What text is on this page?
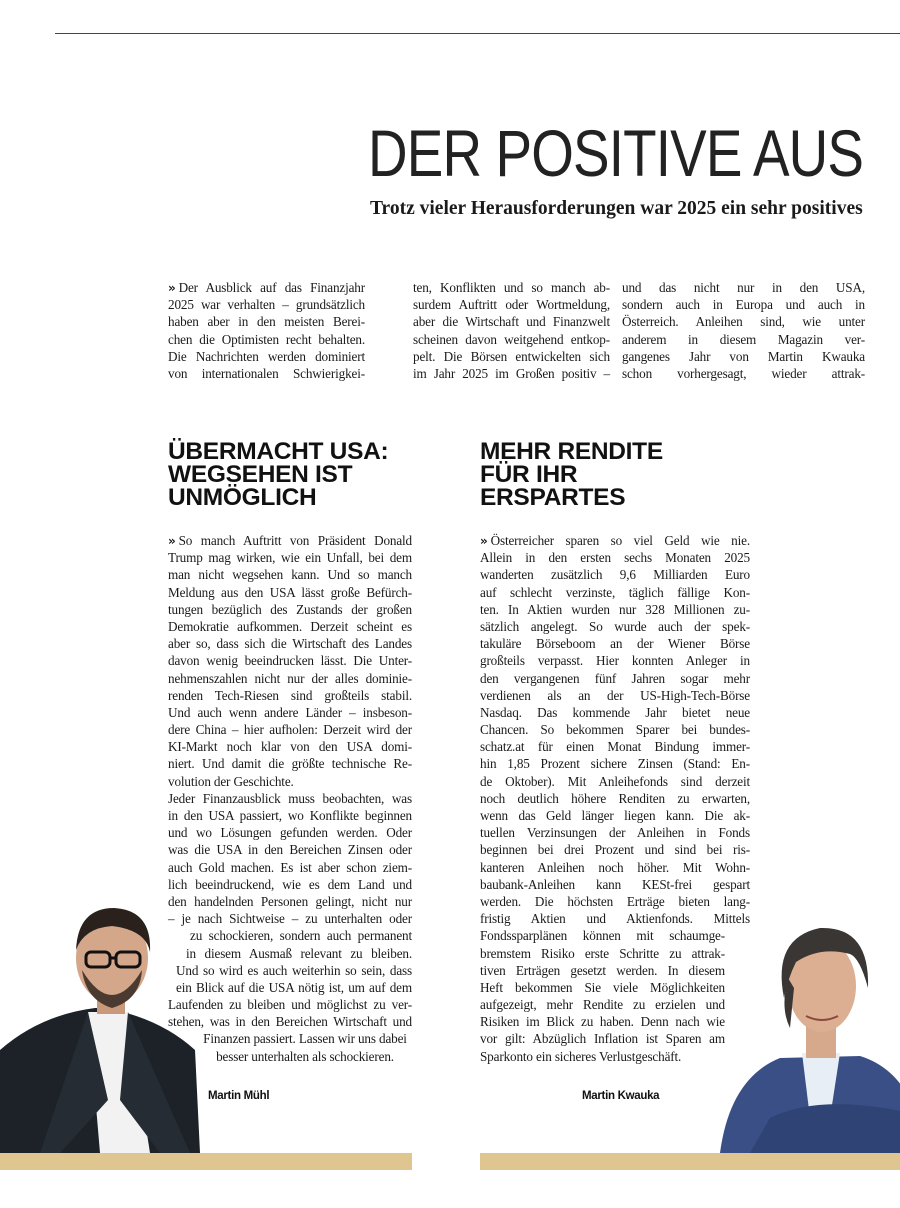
DER POSITIVE AUS
Trotz vieler Herausforderungen war 2025 ein sehr positives
» Der Ausblick auf das Finanzjahr
2025 war verhalten – grundsätzlich
haben aber in den meisten Berei-
chen die Optimisten recht behalten.
Die Nachrichten werden dominiert
von internationalen Schwierigkei-
ten, Konflikten und so manch ab-
surdem Auftritt oder Wortmeldung,
aber die Wirtschaft und Finanzwelt
scheinen davon weitgehend entkop-
pelt. Die Börsen entwickelten sich
im Jahr 2025 im Großen positiv –
und das nicht nur in den USA,
sondern auch in Europa und auch in
Österreich. Anleihen sind, wie unter
anderem in diesem Magazin ver-
gangenes Jahr von Martin Kwauka
schon vorhergesagt, wieder attrak-
ÜBERMACHT USA:
WEGSEHEN IST
UNMÖGLICH
MEHR RENDITE
FÜR IHR
ERSPARTES
» So manch Auftritt von Präsident Donald
Trump mag wirken, wie ein Unfall, bei dem
man nicht wegsehen kann. Und so manch
Meldung aus den USA lässt große Befürch-
tungen bezüglich des Zustands der großen
Demokratie aufkommen. Derzeit scheint es
aber so, dass sich die Wirtschaft des Landes
davon wenig beeindrucken lässt. Die Unter-
nehmenszahlen nicht nur der alles dominie-
renden Tech-Riesen sind großteils stabil.
Und auch wenn andere Länder – insbeson-
dere China – hier aufholen: Derzeit wird der
KI-Markt noch klar von den USA domi-
niert. Und damit die größte technische Re-
volution der Geschichte.
Jeder Finanzausblick muss beobachten, was
in den USA passiert, wo Konflikte beginnen
und wo Lösungen gefunden werden. Oder
was die USA in den Bereichen Zinsen oder
auch Gold machen. Es ist aber schon ziem-
lich beeindruckend, wie es dem Land und
den handelnden Personen gelingt, nicht nur
– je nach Sichtweise – zu unterhalten oder
zu schockieren, sondern auch permanent
in diesem Ausmaß relevant zu bleiben.
Und so wird es auch weiterhin so sein, dass
ein Blick auf die USA nötig ist, um auf dem
Laufenden zu bleiben und möglichst zu ver-
stehen, was in den Bereichen Wirtschaft und
Finanzen passiert. Lassen wir uns dabei
besser unterhalten als schockieren.
» Österreicher sparen so viel Geld wie nie.
Allein in den ersten sechs Monaten 2025
wanderten zusätzlich 9,6 Milliarden Euro
auf schlecht verzinste, täglich fällige Kon-
ten. In Aktien wurden nur 328 Millionen zu-
sätzlich angelegt. So wurde auch der spek-
takuläre Börseboom an der Wiener Börse
großteils verpasst. Hier konnten Anleger in
den vergangenen fünf Jahren sogar mehr
verdienen als an der US-High-Tech-Börse
Nasdaq. Das kommende Jahr bietet neue
Chancen. So bekommen Sparer bei bundes-
schatz.at für einen Monat Bindung immer-
hin 1,85 Prozent sichere Zinsen (Stand: En-
de Oktober). Mit Anleihefonds sind derzeit
noch deutlich höhere Renditen zu erwarten,
wenn das Geld länger liegen kann. Die ak-
tuellen Verzinsungen der Anleihen in Fonds
beginnen bei drei Prozent und sind bei ris-
kanteren Anleihen noch höher. Mit Wohn-
baubank-Anleihen kann KESt-frei gespart
werden. Die höchsten Erträge bieten lang-
fristig Aktien und Aktienfonds. Mittels
Fondssparplänen können mit schaumge-
bremstem Risiko erste Schritte zu attrak-
tiven Erträgen gesetzt werden. In diesem
Heft bekommen Sie viele Möglichkeiten
aufgezeigt, mehr Rendite zu erzielen und
Risiken im Blick zu haben. Denn nach wie
vor gilt: Abzüglich Inflation ist Sparen am
Sparkonto ein sicheres Verlustgeschäft.
Martin Mühl	Martin Kwauka
